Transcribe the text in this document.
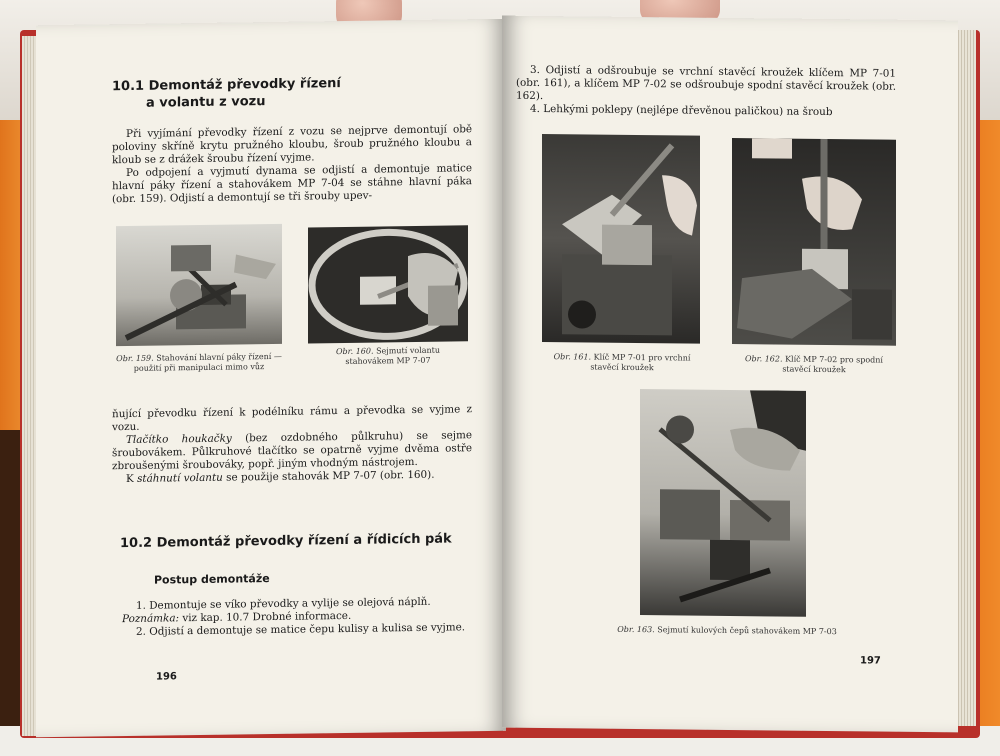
10.1 Demontáž převodky řízení
a volantu z vozu

Při vyjímání převodky řízení z vozu se nejprve demontují obě poloviny skříně krytu pružného kloubu, šroub pružného kloubu a kloub se z drážek šroubu řízení vyjme.

Po odpojení a vyjmutí dynama se odjistí a demontuje matice hlavní páky řízení a stahovákem MP 7-04 se stáhne hlavní páka (obr. 159). Odjistí a demontují se tři šrouby upev-

Obr. 159. Stahování hlavní páky řízení — použití při manipulaci mimo vůz
Obr. 160. Sejmutí volantu stahovákem MP 7-07

ňující převodku řízení k podélníku rámu a převodka se vyjme z vozu.

Tlačítko houkačky (bez ozdobného půlkruhu) se sejme šroubovákem. Půlkruhové tlačítko se opatrně vyjme dvěma ostře zbroušenými šroubováky, popř. jiným vhodným nástrojem.

K stáhnutí volantu se použije stahovák MP 7-07 (obr. 160).

10.2 Demontáž převodky řízení a řídicích pák
Postup demontáže

1. Demontuje se víko převodky a vylije se olejová náplň.

Poznámka: viz kap. 10.7 Drobné informace.

2. Odjistí a demontuje se matice čepu kulisy a kulisa se vyjme.

196

3. Odjistí a odšroubuje se vrchní stavěcí kroužek klíčem MP 7-01 (obr. 161), a klíčem MP 7-02 se odšroubuje spodní stavěcí kroužek (obr. 162).

4. Lehkými poklepy (nejlépe dřevěnou paličkou) na šroub

Obr. 161. Klíč MP 7-01 pro vrchní stavěcí kroužek
Obr. 162. Klíč MP 7-02 pro spodní stavěcí kroužek
Obr. 163. Sejmutí kulových čepů stahovákem MP 7-03
197
